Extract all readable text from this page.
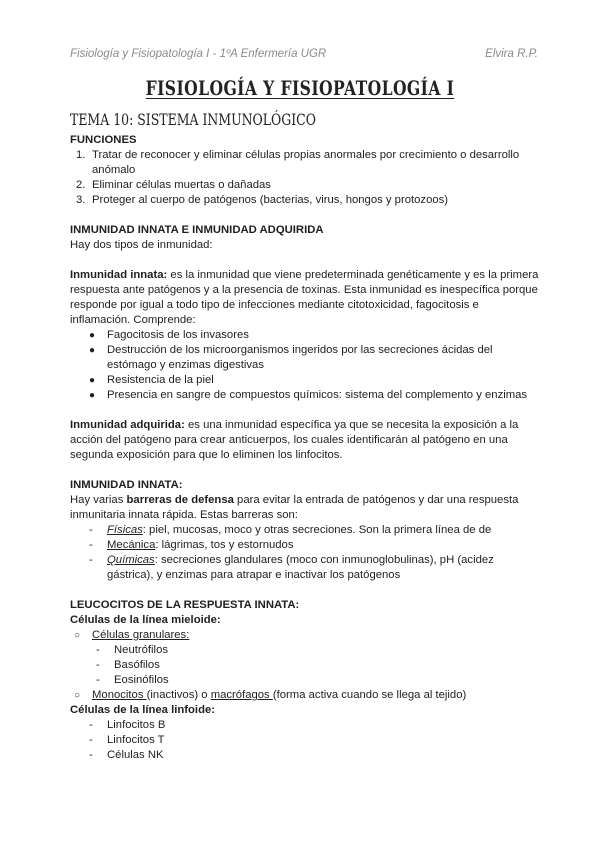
Fisiología y Fisiopatología I - 1ºA Enfermería UGR	Elvira R.P.
FISIOLOGÍA Y FISIOPATOLOGÍA I
TEMA 10: SISTEMA INMUNOLÓGICO

FUNCIONES

1. Tratar de reconocer y eliminar células propias anormales por crecimiento o desarrollo anómalo
2. Eliminar células muertas o dañadas
3. Proteger al cuerpo de patógenos (bacterias, virus, hongos y protozoos)

INMUNIDAD INNATA E INMUNIDAD ADQUIRIDA

Hay dos tipos de inmunidad:

Inmunidad innata: es la inmunidad que viene predeterminada genéticamente y es la primera respuesta ante patógenos y a la presencia de toxinas. Esta inmunidad es inespecífica porque responde por igual a todo tipo de infecciones mediante citotoxicidad, fagocitosis e inflamación. Comprende:

● Fagocitosis de los invasores
● Destrucción de los microorganismos ingeridos por las secreciones ácidas del estómago y enzimas digestivas
● Resistencia de la piel
● Presencia en sangre de compuestos químicos: sistema del complemento y enzimas

Inmunidad adquirida: es una inmunidad específica ya que se necesita la exposición a la acción del patógeno para crear anticuerpos, los cuales identificarán al patógeno en una segunda exposición para que lo eliminen los linfocitos.

INMUNIDAD INNATA:

Hay varias barreras de defensa para evitar la entrada de patógenos y dar una respuesta inmunitaria innata rápida. Estas barreras son:

- Físicas: piel, mucosas, moco y otras secreciones. Son la primera línea de de
- Mecánica: lágrimas, tos y estornudos
- Químicas: secreciones glandulares (moco con inmunoglobulinas), pH (acidez gástrica), y enzimas para atrapar e inactivar los patógenos

LEUCOCITOS DE LA RESPUESTA INNATA:

Células de la línea mieloide:

○ Células granulares:
- Neutrófilos
- Basófilos
- Eosinófilos
○ Monocitos (inactivos) o macrófagos (forma activa cuando se llega al tejido)

Células de la línea linfoide:

- Linfocitos B
- Linfocitos T
- Células NK
